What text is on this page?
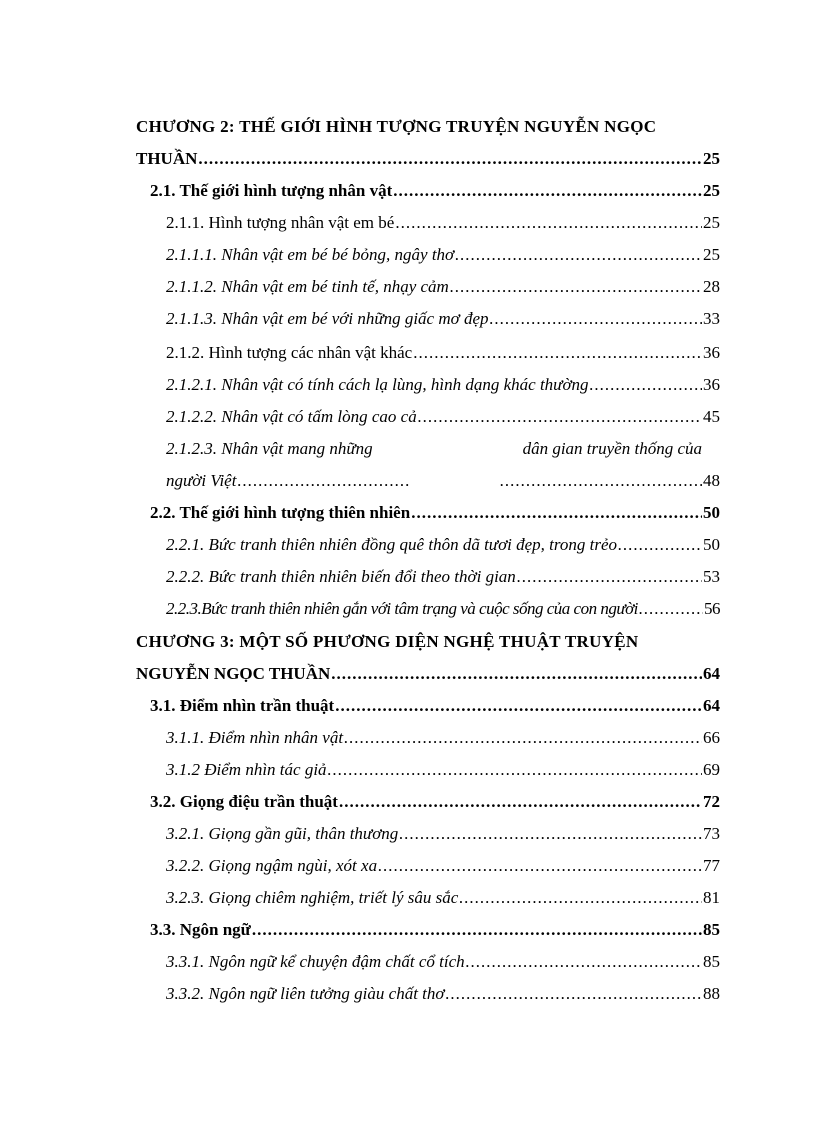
CHƯƠNG 2: THẾ GIỚI HÌNH TƯỢNG TRUYỆN NGUYỄN NGỌC
THUẦN .....	25
2.1. Thế giới hình tượng nhân vật .....	25
2.1.1. Hình tượng nhân vật em bé .....	25
2.1.1.1. Nhân vật em bé bé bỏng, ngây thơ .....	25
2.1.1.2. Nhân vật em bé tinh tế, nhạy cảm .....	28
2.1.1.3. Nhân vật em bé với những giấc mơ đẹp .....	33
2.1.2. Hình tượng các nhân vật khác .....	36
2.1.2.1. Nhân vật có tính cách lạ lùng, hình dạng khác thường .....	36
2.1.2.2. Nhân vật có tấm lòng cao cả .....	45
2.1.2.3. Nhân vật mang những	dân gian truyền thống của
người Việt .....	48
2.2. Thế giới hình tượng thiên nhiên .....	50
2.2.1. Bức tranh thiên nhiên đồng quê thôn dã tươi đẹp, trong trẻo .....	50
2.2.2. Bức tranh thiên nhiên biến đổi theo thời gian .....	53
2.2.3.Bức tranh thiên nhiên gắn với tâm trạng và cuộc sống của con người .....	56
CHƯƠNG 3: MỘT SỐ PHƯƠNG DIỆN NGHỆ THUẬT TRUYỆN
NGUYỄN NGỌC THUẦN .....	64
3.1. Điểm nhìn trần thuật .....	64
3.1.1. Điểm nhìn nhân vật .....	66
3.1.2 Điểm nhìn tác giả .....	69
3.2. Giọng điệu trần thuật .....	72
3.2.1. Giọng gần gũi, thân thương .....	73
3.2.2. Giọng ngậm ngùi, xót xa .....	77
3.2.3. Giọng chiêm nghiệm, triết lý sâu sắc .....	81
3.3. Ngôn ngữ .....	85
3.3.1. Ngôn ngữ kể chuyện đậm chất cổ tích .....	85
3.3.2. Ngôn ngữ liên tưởng giàu chất thơ .....	88
